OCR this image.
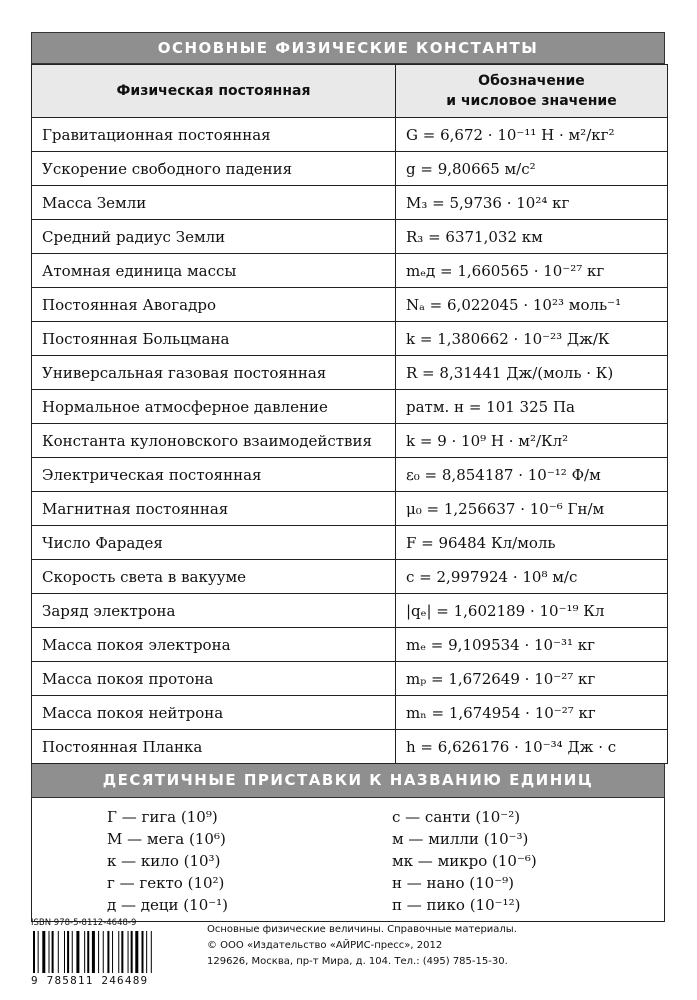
ОСНОВНЫЕ ФИЗИЧЕСКИЕ КОНСТАНТЫ
Физическая постоянная	Обозначение
и числовое значение

Гравитационная постоянная	G = 6,672 · 10⁻¹¹ Н · м²/кг²
Ускорение свободного падения	g = 9,80665 м/с²
Масса Земли	M₃ = 5,9736 · 10²⁴ кг
Средний радиус Земли	R₃ = 6371,032 км
Атомная единица массы	mₑд = 1,660565 · 10⁻²⁷ кг
Постоянная Авогадро	Nₐ = 6,022045 · 10²³ моль⁻¹
Постоянная Больцмана	k = 1,380662 · 10⁻²³ Дж/К
Универсальная газовая постоянная	R = 8,31441 Дж/(моль · К)
Нормальное атмосферное давление	pатм. н = 101 325 Па
Константа кулоновского взаимодействия	k = 9 · 10⁹ Н · м²/Кл²
Электрическая постоянная	ε₀ = 8,854187 · 10⁻¹² Ф/м
Магнитная постоянная	μ₀ = 1,256637 · 10⁻⁶ Гн/м
Число Фарадея	F = 96484 Кл/моль
Скорость света в вакууме	c = 2,997924 · 10⁸ м/с
Заряд электрона	|qₑ| = 1,602189 · 10⁻¹⁹ Кл
Масса покоя электрона	mₑ = 9,109534 · 10⁻³¹ кг
Масса покоя протона	mₚ = 1,672649 · 10⁻²⁷ кг
Масса покоя нейтрона	mₙ = 1,674954 · 10⁻²⁷ кг
Постоянная Планка	h = 6,626176 · 10⁻³⁴ Дж · с
ДЕСЯТИЧНЫЕ ПРИСТАВКИ К НАЗВАНИЮ ЕДИНИЦ
Г — гига (10⁹)
М — мега (10⁶)
к — кило (10³)
г — гекто (10²)
д — деци (10⁻¹)
с — санти (10⁻²)
м — милли (10⁻³)
мк — микро (10⁻⁶)
н — нано (10⁻⁹)
п — пико (10⁻¹²)
ISBN 978-5-8112-4648-9
9 785811 246489
Основные физические величины. Справочные материалы.
© ООО «Издательство «АЙРИС-пресс», 2012
129626, Москва, пр-т Мира, д. 104. Тел.: (495) 785-15-30.
